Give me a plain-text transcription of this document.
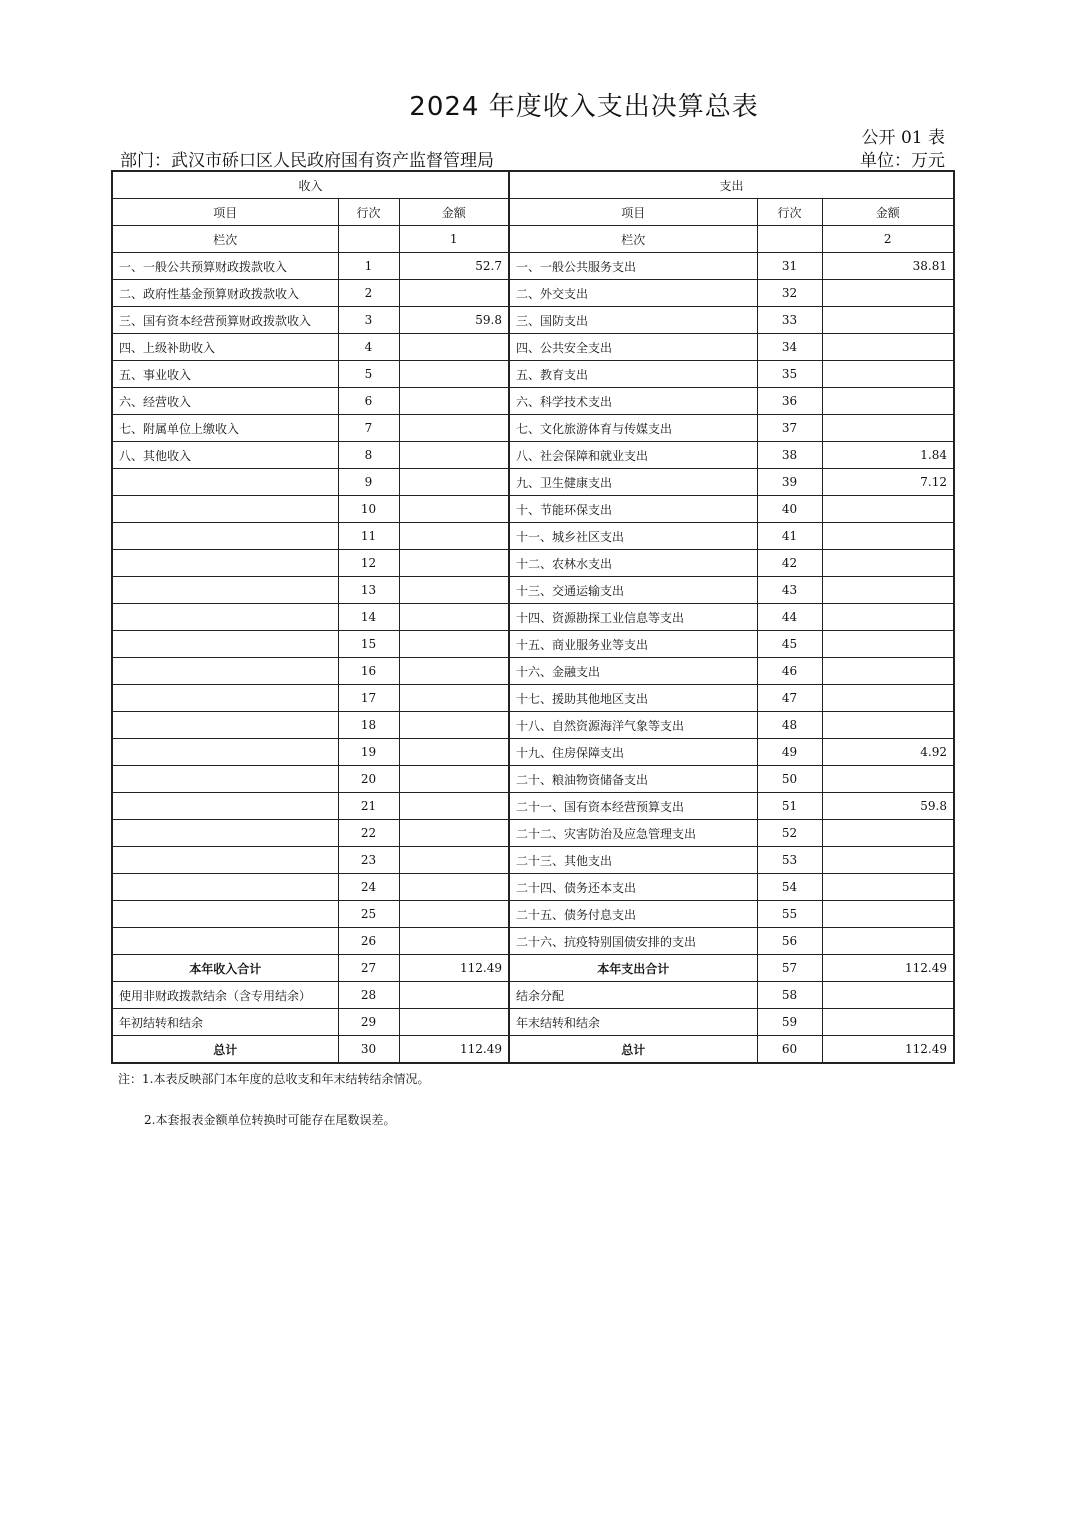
2024 年度收入支出决算总表
公开 01 表
部门：武汉市硚口区人民政府国有资产监督管理局	单位：万元
收入			支出		
项目	行次	金额	项目	行次	金额
栏次		1	栏次		2
一、一般公共预算财政拨款收入	1	52.7	一、一般公共服务支出	31	38.81
二、政府性基金预算财政拨款收入	2		二、外交支出	32	
三、国有资本经营预算财政拨款收入	3	59.8	三、国防支出	33	
四、上级补助收入	4		四、公共安全支出	34	
五、事业收入	5		五、教育支出	35	
六、经营收入	6		六、科学技术支出	36	
七、附属单位上缴收入	7		七、文化旅游体育与传媒支出	37	
八、其他收入	8		八、社会保障和就业支出	38	1.84
	9		九、卫生健康支出	39	7.12
	10		十、节能环保支出	40	
	11		十一、城乡社区支出	41	
	12		十二、农林水支出	42	
	13		十三、交通运输支出	43	
	14		十四、资源勘探工业信息等支出	44	
	15		十五、商业服务业等支出	45	
	16		十六、金融支出	46	
	17		十七、援助其他地区支出	47	
	18		十八、自然资源海洋气象等支出	48	
	19		十九、住房保障支出	49	4.92
	20		二十、粮油物资储备支出	50	
	21		二十一、国有资本经营预算支出	51	59.8
	22		二十二、灾害防治及应急管理支出	52	
	23		二十三、其他支出	53	
	24		二十四、债务还本支出	54	
	25		二十五、债务付息支出	55	
	26		二十六、抗疫特别国债安排的支出	56	
本年收入合计	27	112.49	本年支出合计	57	112.49
使用非财政拨款结余（含专用结余）	28		结余分配	58	
年初结转和结余	29		年末结转和结余	59	
总计	30	112.49	总计	60	112.49
注：1.本表反映部门本年度的总收支和年末结转结余情况。
2.本套报表金额单位转换时可能存在尾数误差。
